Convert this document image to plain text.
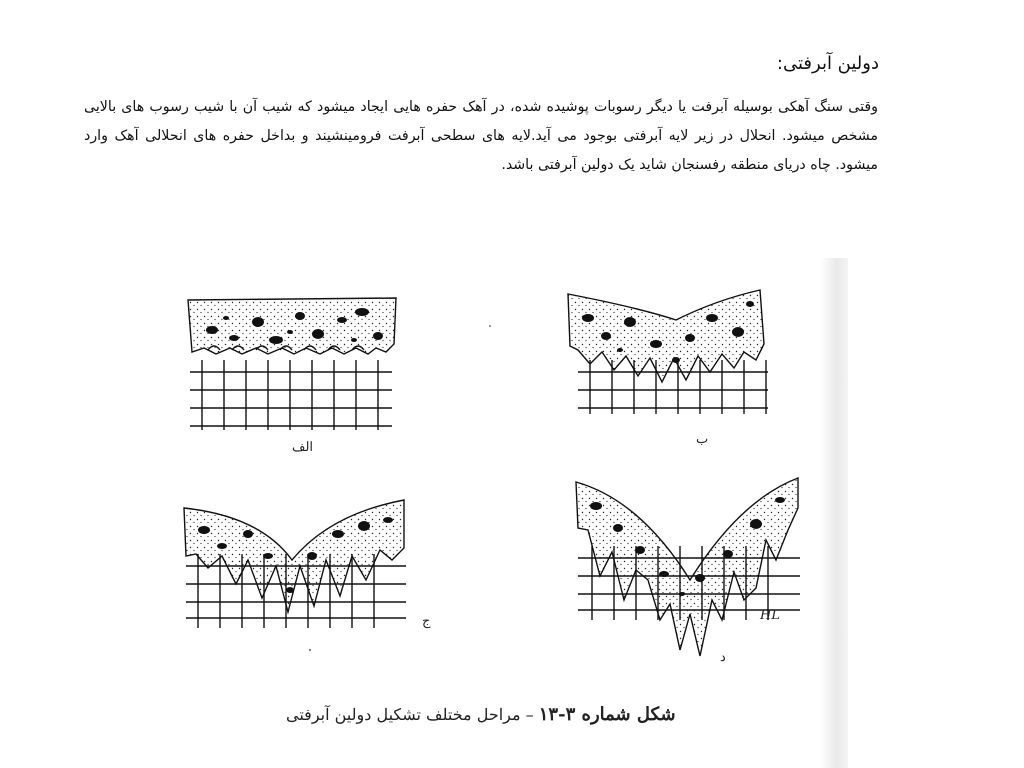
دولین آبرفتی:
وقتی سنگ آهکی بوسیله آبرفت یا دیگر رسوبات پوشیده شده، در آهک حفره هایی ایجاد میشود که شیب آن با شیب رسوب های بالایی مشخص میشود. انحلال در زیر لایه آبرفتی بوجود می آید.لایه های سطحی آبرفت فرومینشیند و بداخل حفره های انحلالی آهک وارد میشود. چاه دریای منطقه رفسنجان شاید یک دولین آبرفتی باشد.
الف
ب
ج
د
HL
شکل شماره ۳-۱۳ – مراحل مختلف تشکیل دولین آبرفتی
